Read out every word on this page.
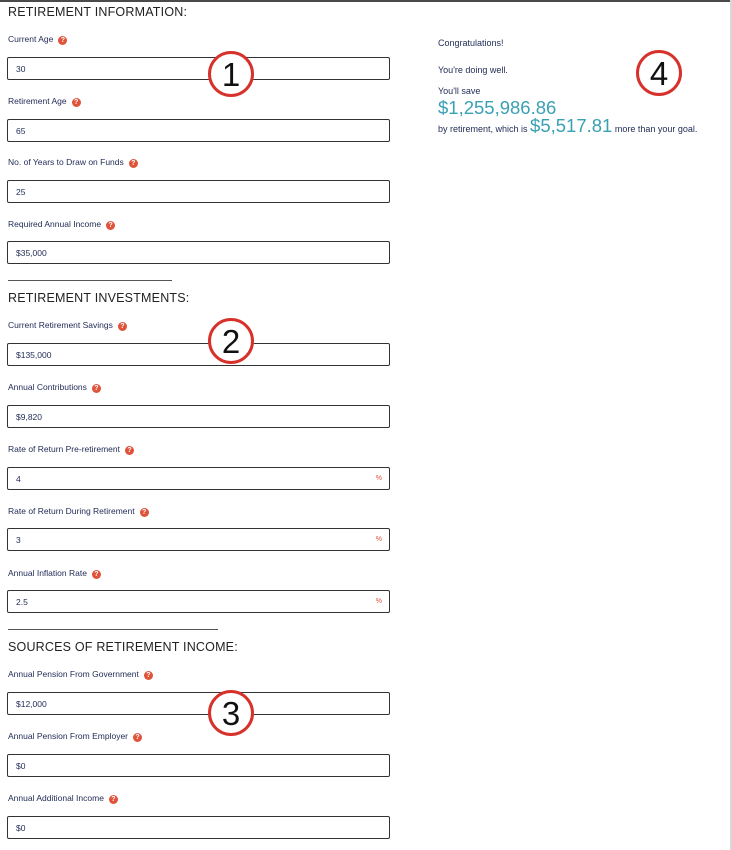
RETIREMENT INFORMATION:
Current Age ?
30
Retirement Age ?
65
No. of Years to Draw on Funds ?
25
Required Annual Income ?
$35,000
RETIREMENT INVESTMENTS:
Current Retirement Savings ?
$135,000
Annual Contributions ?
$9,820
Rate of Return Pre-retirement ?
4	%
Rate of Return During Retirement ?
3	%
Annual Inflation Rate ?
2.5	%
SOURCES OF RETIREMENT INCOME:
Annual Pension From Government ?
$12,000
Annual Pension From Employer ?
$0
Annual Additional Income ?
$0
Congratulations!
You're doing well.
You'll save
$1,255,986.86
by retirement, which is $5,517.81 more than your goal.
1
2
3
4
